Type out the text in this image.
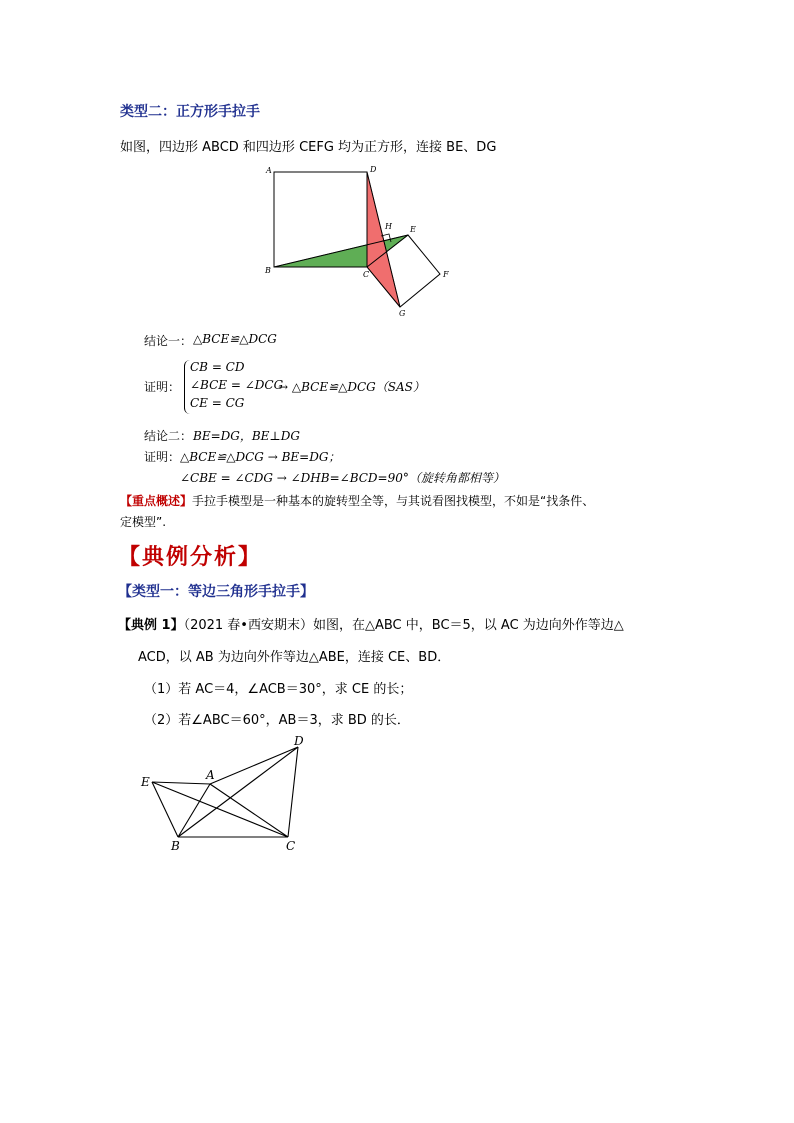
类型二：正方形手拉手
如图，四边形 ABCD 和四边形 CEFG 均为正方形，连接 BE、DG
A	D
H E
F
B	C
G
结论一： △BCE≌△DCG
证明：
CB = CD
∠BCE = ∠DCG
CE = CG
→ △BCE≌△DCG（SAS）
结论二： BE=DG，BE⊥DG
证明： △BCE≌△DCG → BE=DG；
∠CBE = ∠CDG → ∠DHB=∠BCD=90°（旋转角都相等）
【重点概述】手拉手模型是一种基本的旋转型全等，与其说看图找模型，不如是“找条件、
定模型”.
【典例分析】
【类型一：等边三角形手拉手】
【典例 1】（2021 春•西安期末）如图，在△ABC 中，BC＝5，以 AC 为边向外作等边△
ACD，以 AB 为边向外作等边△ABE，连接 CE、BD．
（1）若 AC＝4，∠ACB＝30°，求 CE 的长；
（2）若∠ABC＝60°，AB＝3，求 BD 的长．
D
E	A
B	C
